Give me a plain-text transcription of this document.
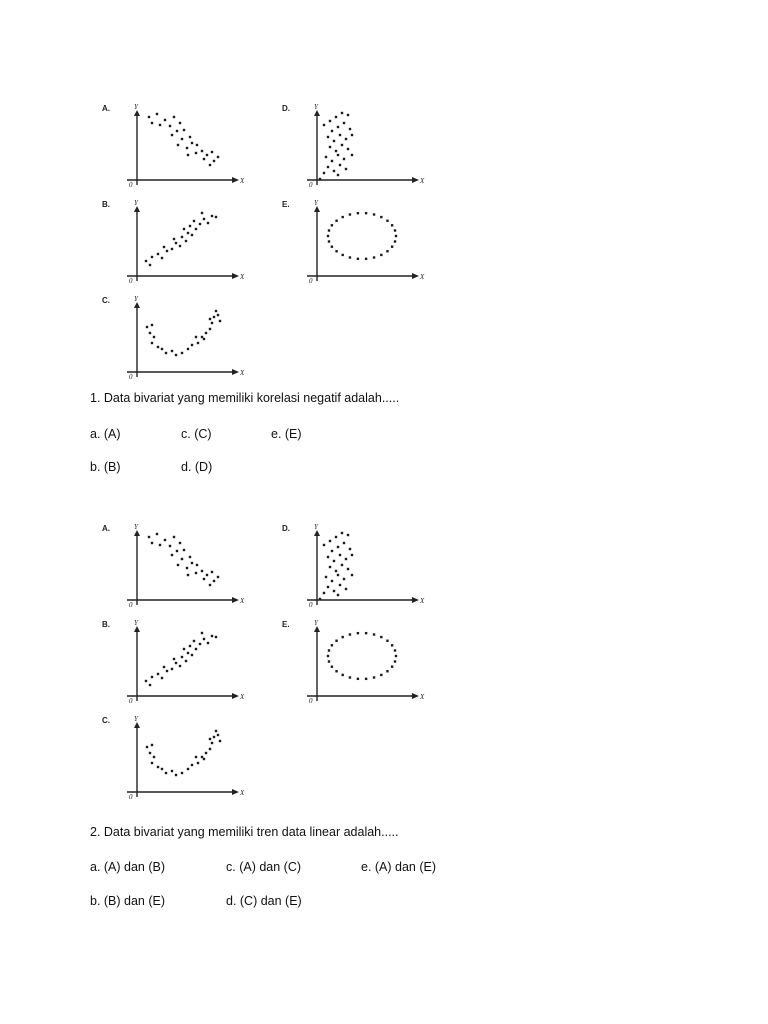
A.	Y
X
0
B.	Y
X
0
C.	Y
X
0
D.	Y
X
0
E.	Y
X
0
1. Data bivariat yang memiliki korelasi negatif adalah.....
a. (A)	c. (C)	e. (E)
b. (B)	d. (D)
A.	Y
X
0
B.	Y
X
0
C.	Y
X
0
D.	Y
X
0
E.	Y
X
0
2. Data bivariat yang memiliki tren data linear adalah.....
a. (A) dan (B)	c. (A) dan (C)	e. (A) dan (E)
b. (B) dan (E)	d. (C) dan (E)
